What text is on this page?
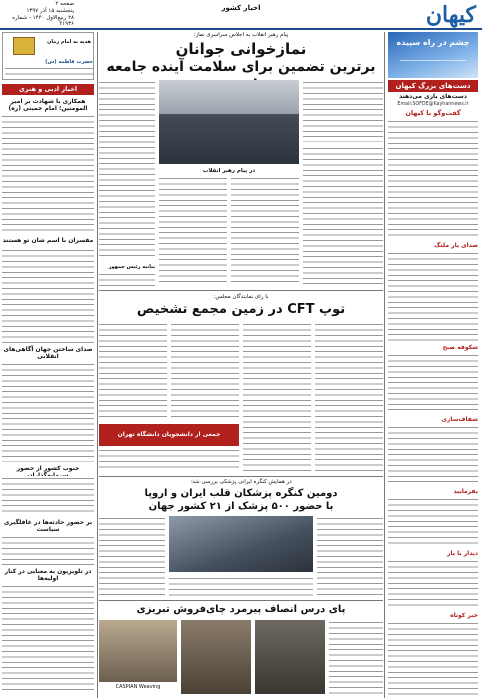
کیهان
اخبار کشور
صفحه ۲
پنجشنبه ۱۵ آذر ۱۳۹۷
۲۸ ربیع‌الاول ۱۴۴۰ - شماره ۲۱۹۳۶
چشم در راه سپیده
دست‌های بزرگ کیهان
دست‌های یاری می‌دهند
Email:SOFDE@Kayhannews.ir
گفت‌وگو با کیهان
صدای یار ملتگ
شکوفه صبح
شفاف‌سازی
بفرمایید
دیدار با یار
خبر کوتاه
هدیه به امام زمان
حضرت فاطمه (س)
اخبار ادبی و هنری
همکاری با شهادت بر امیر المومنین؛ امام خمینی (ره)
مفسران با اسم شان تو هستند
صدای ساختن جهان آگاهی‌های انقلابی
جنوب کشور از حضور
بر حضور حادثه‌ها در غافلگیری سیاست
در تلویزیون به معنایی در کنار اولیه‌ها
پیام رهبر انقلاب به اجلاس سراسری نماز:
نمازخوانی جوانان
برترین تضمین برای سلامت آینده جامعه
در پیام رهبر انقلاب
بیانیه رئیس جمهور
با رای نمایندگان مجلس:
توپ CFT در زمین مجمع تشخیص
جمعی از دانشجویان دانشگاه تهران
در همایش کنگره ایرانی پزشکی بررسی شد:
دومین کنگره پزشکان قلب ایران و اروپا
با حضور ۵۰۰ پزشک از ۲۱ کشور جهان
پای درس انصاف پیرمرد چای‌فروش تبریزی
CASPIAN Weaving
